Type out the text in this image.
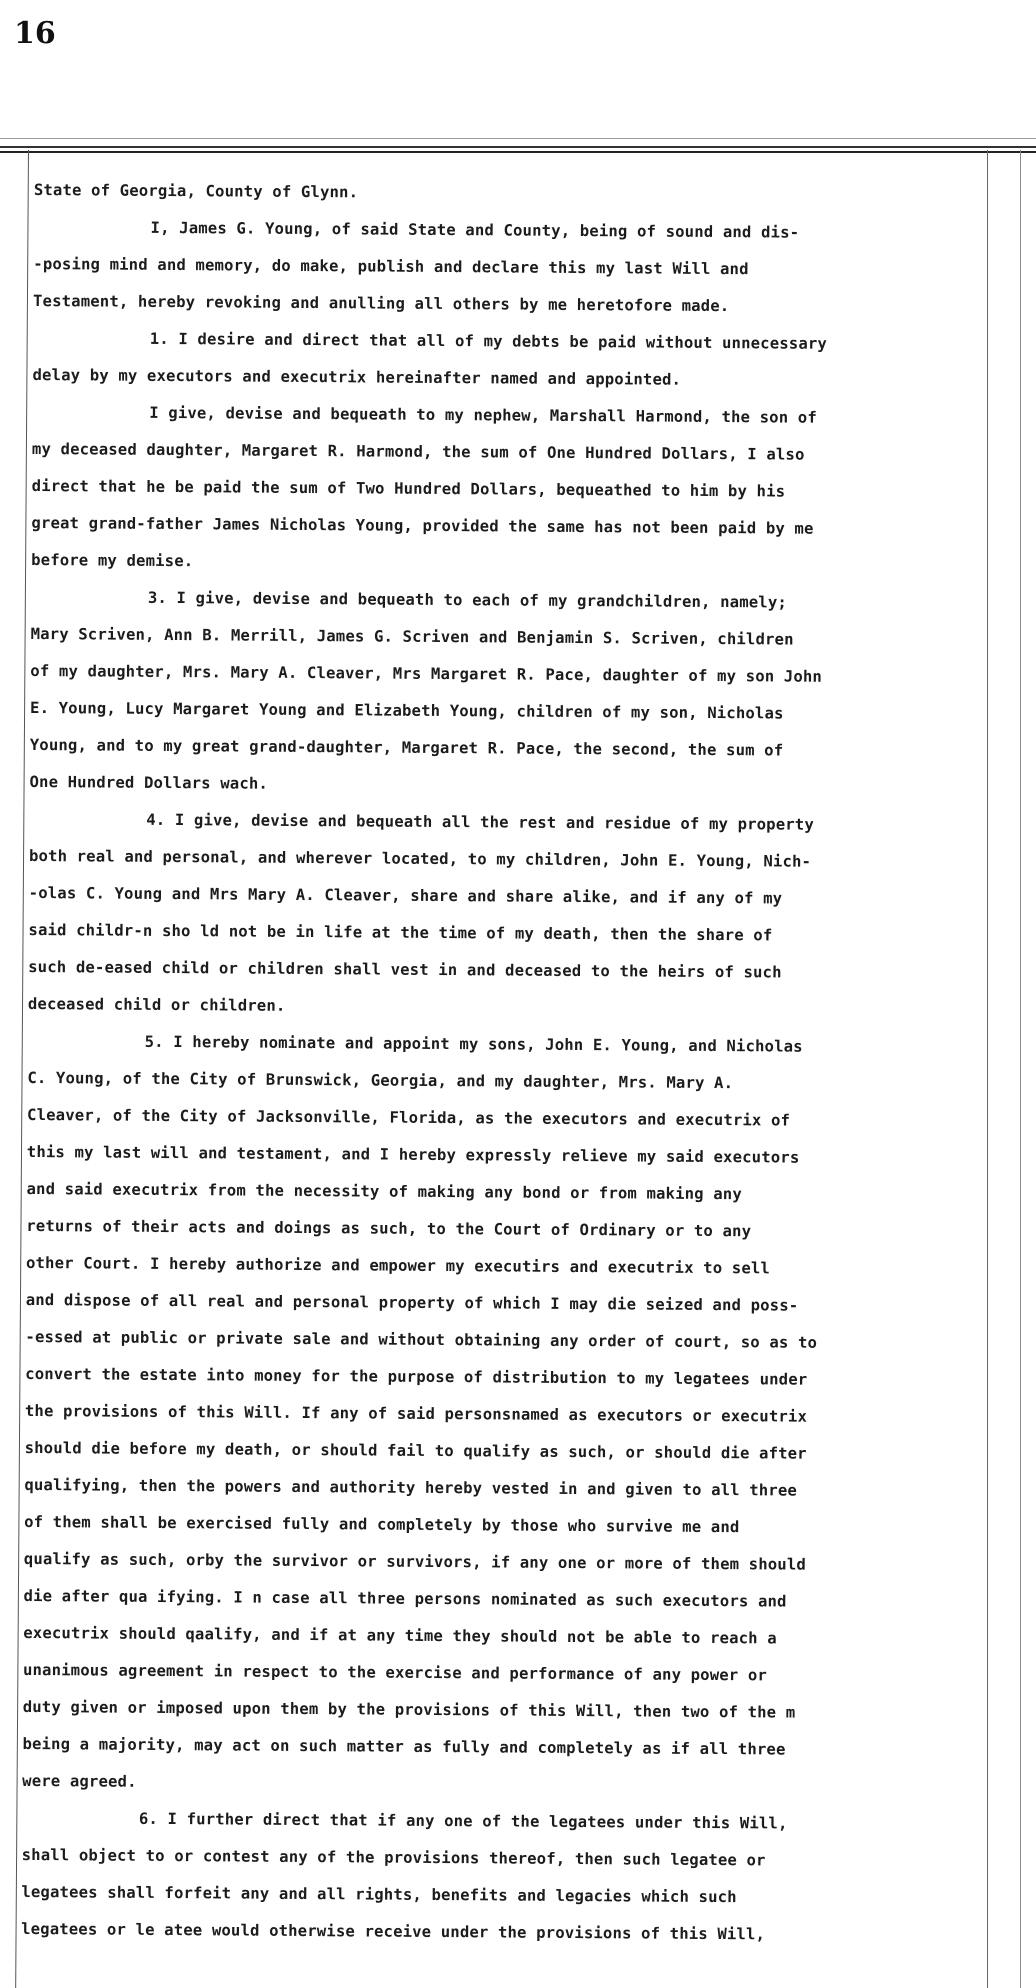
16
State of Georgia, County of Glynn.
I, James G. Young, of said State and County, being of sound and dis-
-posing mind and memory, do make, publish and declare this my last Will and
Testament, hereby revoking and anulling all others by me heretofore made.
1. I desire and direct that all of my debts be paid without unnecessary
delay by my executors and executrix hereinafter named and appointed.
I give, devise and bequeath to my nephew, Marshall Harmond, the son of
my deceased daughter, Margaret R. Harmond, the sum of One Hundred Dollars, I also
direct that he be paid the sum of Two Hundred Dollars, bequeathed to him by his
great grand-father James Nicholas Young, provided the same has not been paid by me
before my demise.
3. I give, devise and bequeath to each of my grandchildren, namely;
Mary Scriven, Ann B. Merrill, James G. Scriven and Benjamin S. Scriven, children
of my daughter, Mrs. Mary A. Cleaver, Mrs Margaret R. Pace, daughter of my son John
E. Young, Lucy Margaret Young and Elizabeth Young, children of my son, Nicholas
Young, and to my great grand-daughter, Margaret R. Pace, the second, the sum of
One Hundred Dollars wach.
4. I give, devise and bequeath all the rest and residue of my property
both real and personal, and wherever located, to my children, John E. Young, Nich-
-olas C. Young and Mrs Mary A. Cleaver, share and share alike, and if any of my
said childr-n sho ld not be in life at the time of my death, then the share of
such de-eased child or children shall vest in and deceased to the heirs of such
deceased child or children.
5. I hereby nominate and appoint my sons, John E. Young, and Nicholas
C. Young, of the City of Brunswick, Georgia, and my daughter, Mrs. Mary A.
Cleaver, of the City of Jacksonville, Florida, as the executors and executrix of
this my last will and testament, and I hereby expressly relieve my said executors
and said executrix from the necessity of making any bond or from making any
returns of their acts and doings as such, to the Court of Ordinary or to any
other Court. I hereby authorize and empower my executirs and executrix to sell
and dispose of all real and personal property of which I may die seized and poss-
-essed at public or private sale and without obtaining any order of court, so as to
convert the estate into money for the purpose of distribution to my legatees under
the provisions of this Will. If any of said personsnamed as executors or executrix
should die before my death, or should fail to qualify as such, or should die after
qualifying, then the powers and authority hereby vested in and given to all three
of them shall be exercised fully and completely by those who survive me and
qualify as such, orby the survivor or survivors, if any one or more of them should
die after qua ifying. I n case all three persons nominated as such executors and
executrix should qaalify, and if at any time they should not be able to reach a
unanimous agreement in respect to the exercise and performance of any power or
duty given or imposed upon them by the provisions of this Will, then two of the m
being a majority, may act on such matter as fully and completely as if all three
were agreed.
6. I further direct that if any one of the legatees under this Will,
shall object to or contest any of the provisions thereof, then such legatee or
legatees shall forfeit any and all rights, benefits and legacies which such
legatees or le atee would otherwise receive under the provisions of this Will,
